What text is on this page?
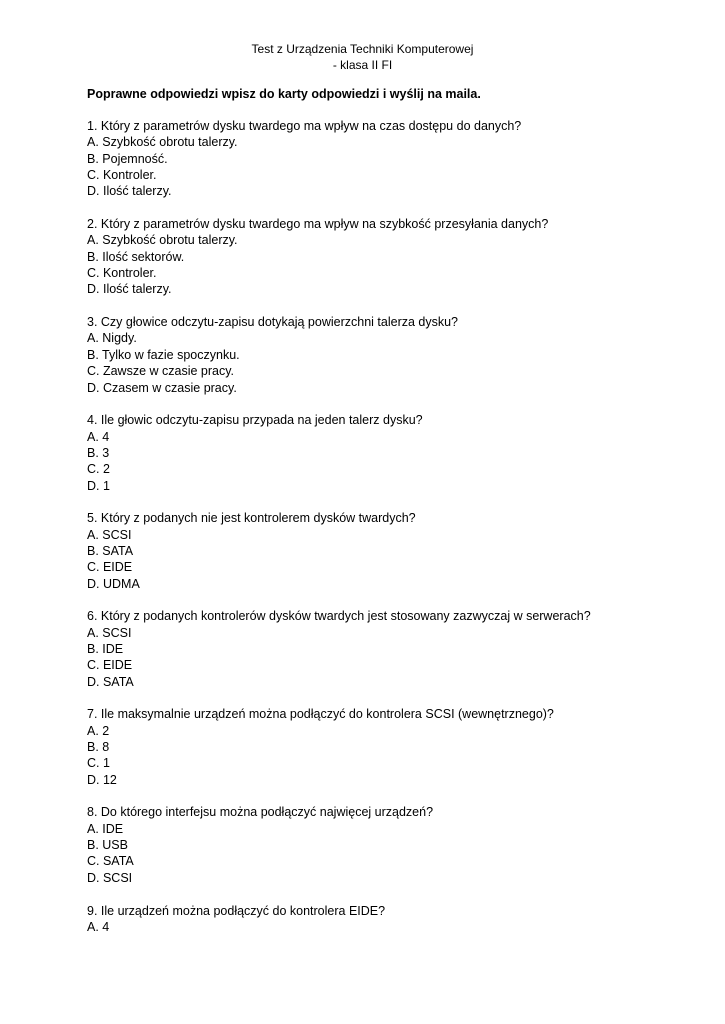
Test z Urządzenia Techniki Komputerowej
- klasa II FI
Poprawne odpowiedzi wpisz do karty odpowiedzi i wyślij na maila.
1. Który z parametrów dysku twardego ma wpływ na czas dostępu do danych?
A. Szybkość obrotu talerzy.
B. Pojemność.
C. Kontroler.
D. Ilość talerzy.
2. Który z parametrów dysku twardego ma wpływ na szybkość przesyłania danych?
A. Szybkość obrotu talerzy.
B. Ilość sektorów.
C. Kontroler.
D. Ilość talerzy.
3. Czy głowice odczytu-zapisu dotykają powierzchni talerza dysku?
A. Nigdy.
B. Tylko w fazie spoczynku.
C. Zawsze w czasie pracy.
D. Czasem w czasie pracy.
4. Ile głowic odczytu-zapisu przypada na jeden talerz dysku?
A. 4
B. 3
C. 2
D. 1
5. Który z podanych nie jest kontrolerem dysków twardych?
A. SCSI
B. SATA
C. EIDE
D. UDMA
6. Który z podanych kontrolerów dysków twardych jest stosowany zazwyczaj w serwerach?
A. SCSI
B. IDE
C. EIDE
D. SATA
7. Ile maksymalnie urządzeń można podłączyć do kontrolera SCSI (wewnętrznego)?
A. 2
B. 8
C. 1
D. 12
8. Do którego interfejsu można podłączyć najwięcej urządzeń?
A. IDE
B. USB
C. SATA
D. SCSI
9. Ile urządzeń można podłączyć do kontrolera EIDE?
A. 4
